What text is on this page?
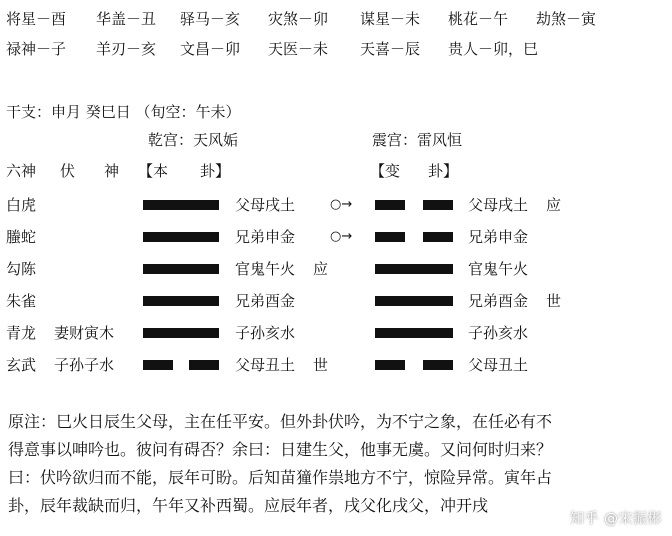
将星－酉 华盖－丑 驿马－亥 灾煞－卯 谋星－未 桃花－午 劫煞－寅
禄神－子 羊刃－亥 文昌－卯 天医－未 天喜－辰 贵人－卯，巳
干支：申月 癸巳日 （旬空：午未）
乾宫：天风姤	震宫：雷风恒
六神 伏 神 【本 卦】	【变 卦】
白虎	父母戌土	○→	父母戌土 应
螣蛇	兄弟申金	○→	兄弟申金
勾陈	官鬼午火 应	官鬼午火
朱雀	兄弟酉金	兄弟酉金 世
青龙 妻财寅木	子孙亥水	子孙亥水
玄武 子孙子水	父母丑土 世	父母丑土
原注：巳火日辰生父母，主在任平安。但外卦伏吟，为不宁之象，在任必有不
得意事以呻吟也。彼问有碍否？余曰：日建生父，他事无虞。又问何时归来？
曰：伏吟欲归而不能，辰年可盼。后知苗獞作祟地方不宁，惊险异常。寅年占
卦，辰年裁缺而归，午年又补西蜀。应辰年者，戌父化戌父，冲开戌
知乎 @宋振彬
